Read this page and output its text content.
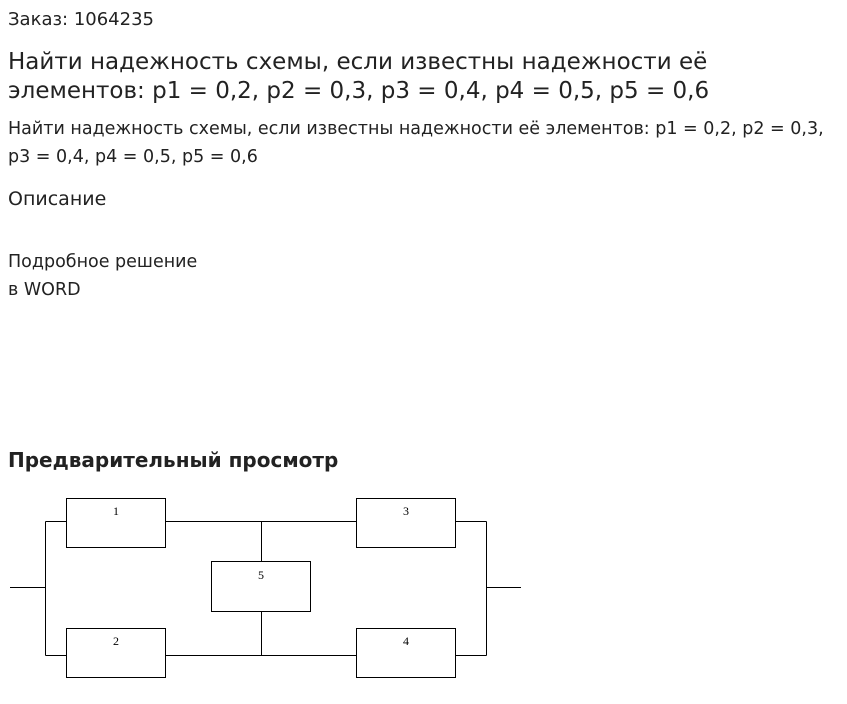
Заказ: 1064235
Найти надежность схемы, если известны надежности её элементов: p1 = 0,2, p2 = 0,3, p3 = 0,4, p4 = 0,5, p5 = 0,6

Найти надежность схемы, если известны надежности её элементов: p1 = 0,2, p2 = 0,3, p3 = 0,4, p4 = 0,5, p5 = 0,6

Описание
Подробное решение
в WORD
Предварительный просмотр
1
2
3
4
5
